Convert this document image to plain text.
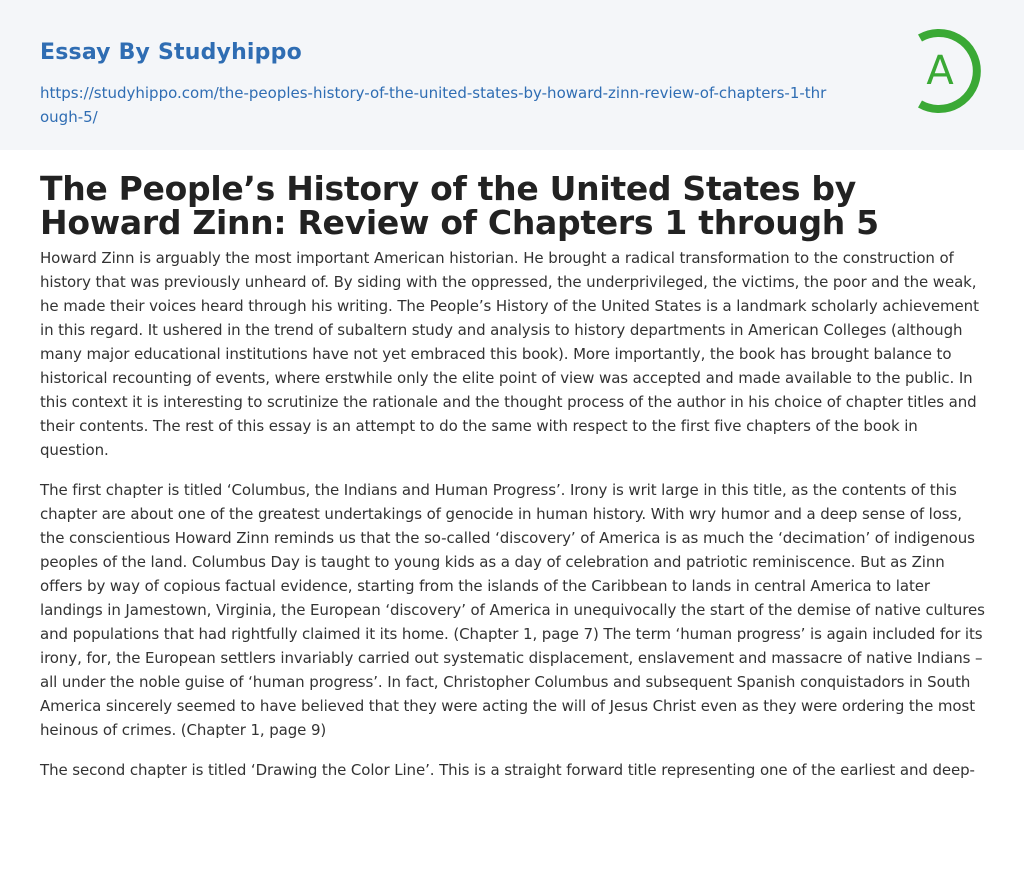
Essay By Studyhippo
https://studyhippo.com/the-peoples-history-of-the-united-states-by-howard-zinn-review-of-chapters-1-through-5/
A
The People’s History of the United States by Howard Zinn: Review of Chapters 1 through 5

Howard Zinn is arguably the most important American historian. He brought a radical transformation to the construction of history that was previously unheard of. By siding with the oppressed, the underprivileged, the victims, the poor and the weak, he made their voices heard through his writing. The People’s History of the United States is a landmark scholarly achievement in this regard. It ushered in the trend of subaltern study and analysis to history departments in American Colleges (although many major educational institutions have not yet embraced this book). More importantly, the book has brought balance to historical recounting of events, where erstwhile only the elite point of view was accepted and made available to the public. In this context it is interesting to scrutinize the rationale and the thought process of the author in his choice of chapter titles and their contents. The rest of this essay is an attempt to do the same with respect to the first five chapters of the book in question.

The first chapter is titled ‘Columbus, the Indians and Human Progress’. Irony is writ large in this title, as the contents of this chapter are about one of the greatest undertakings of genocide in human history. With wry humor and a deep sense of loss, the conscientious Howard Zinn reminds us that the so-called ‘discovery’ of America is as much the ‘decimation’ of indigenous peoples of the land. Columbus Day is taught to young kids as a day of celebration and patriotic reminiscence. But as Zinn offers by way of copious factual evidence, starting from the islands of the Caribbean to lands in central America to later landings in Jamestown, Virginia, the European ‘discovery’ of America in unequivocally the start of the demise of native cultures and populations that had rightfully claimed it its home. (Chapter 1, page 7) The term ‘human progress’ is again included for its irony, for, the European settlers invariably carried out systematic displacement, enslavement and massacre of native Indians – all under the noble guise of ‘human progress’. In fact, Christopher Columbus and subsequent Spanish conquistadors in South America sincerely seemed to have believed that they were acting the will of Jesus Christ even as they were ordering the most heinous of crimes. (Chapter 1, page 9)

The second chapter is titled ‘Drawing the Color Line’. This is a straight forward title representing one of the earliest and deep-
